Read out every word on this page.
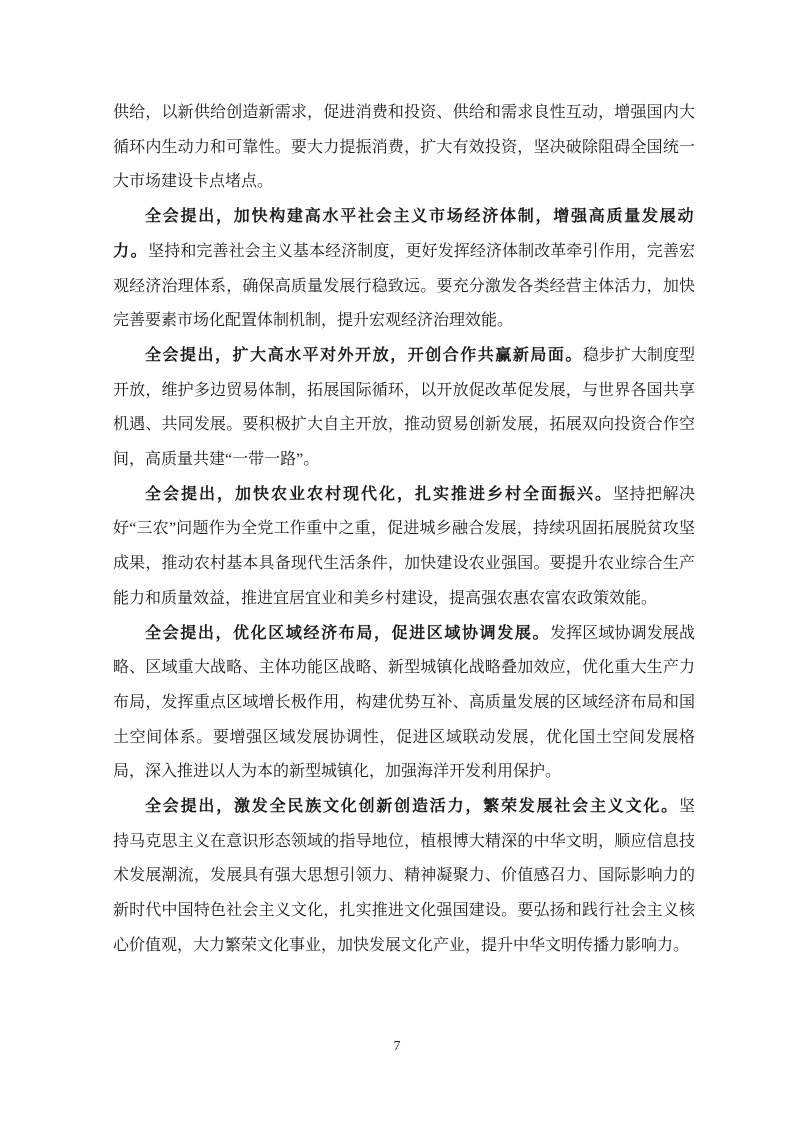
供给，以新供给创造新需求，促进消费和投资、供给和需求良性互动，增强国内大循环内生动力和可靠性。要大力提振消费，扩大有效投资，坚决破除阻碍全国统一大市场建设卡点堵点。

全会提出，加快构建高水平社会主义市场经济体制，增强高质量发展动力。坚持和完善社会主义基本经济制度，更好发挥经济体制改革牵引作用，完善宏观经济治理体系，确保高质量发展行稳致远。要充分激发各类经营主体活力，加快完善要素市场化配置体制机制，提升宏观经济治理效能。

全会提出，扩大高水平对外开放，开创合作共赢新局面。稳步扩大制度型开放，维护多边贸易体制，拓展国际循环，以开放促改革促发展，与世界各国共享机遇、共同发展。要积极扩大自主开放，推动贸易创新发展，拓展双向投资合作空间，高质量共建“一带一路”。

全会提出，加快农业农村现代化，扎实推进乡村全面振兴。坚持把解决好“三农”问题作为全党工作重中之重，促进城乡融合发展，持续巩固拓展脱贫攻坚成果，推动农村基本具备现代生活条件，加快建设农业强国。要提升农业综合生产能力和质量效益，推进宜居宜业和美乡村建设，提高强农惠农富农政策效能。

全会提出，优化区域经济布局，促进区域协调发展。发挥区域协调发展战略、区域重大战略、主体功能区战略、新型城镇化战略叠加效应，优化重大生产力布局，发挥重点区域增长极作用，构建优势互补、高质量发展的区域经济布局和国土空间体系。要增强区域发展协调性，促进区域联动发展，优化国土空间发展格局，深入推进以人为本的新型城镇化，加强海洋开发利用保护。

全会提出，激发全民族文化创新创造活力，繁荣发展社会主义文化。坚持马克思主义在意识形态领域的指导地位，植根博大精深的中华文明，顺应信息技术发展潮流，发展具有强大思想引领力、精神凝聚力、价值感召力、国际影响力的新时代中国特色社会主义文化，扎实推进文化强国建设。要弘扬和践行社会主义核心价值观，大力繁荣文化事业，加快发展文化产业，提升中华文明传播力影响力。

7
